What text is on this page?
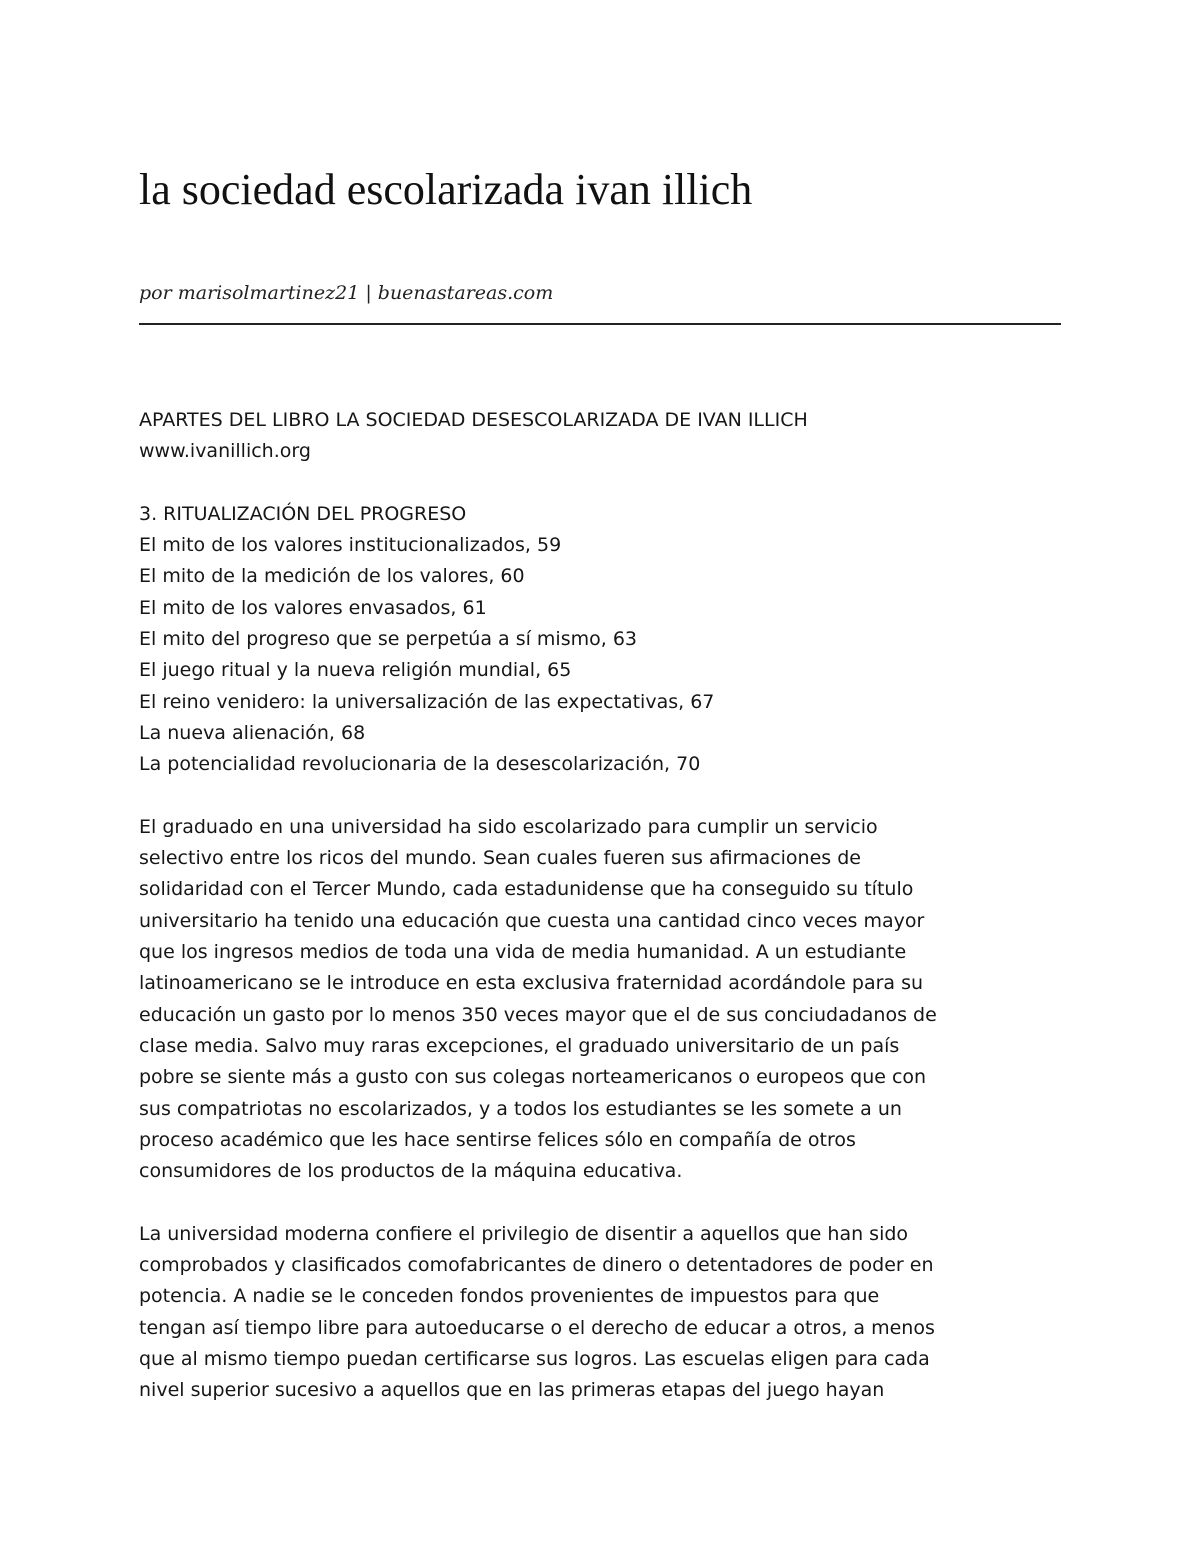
la sociedad escolarizada ivan illich
por marisolmartinez21 | buenastareas.com
APARTES DEL LIBRO LA SOCIEDAD DESESCOLARIZADA DE IVAN ILLICH
www.ivanillich.org
3. RITUALIZACIÓN DEL PROGRESO
El mito de los valores institucionalizados, 59
El mito de la medición de los valores, 60
El mito de los valores envasados, 61
El mito del progreso que se perpetúa a sí mismo, 63
El juego ritual y la nueva religión mundial, 65
El reino venidero: la universalización de las expectativas, 67
La nueva alienación, 68
La potencialidad revolucionaria de la desescolarización, 70
El graduado en una universidad ha sido escolarizado para cumplir un servicio
selectivo entre los ricos del mundo. Sean cuales fueren sus afirmaciones de
solidaridad con el Tercer Mundo, cada estadunidense que ha conseguido su título
universitario ha tenido una educación que cuesta una cantidad cinco veces mayor
que los ingresos medios de toda una vida de media humanidad. A un estudiante
latinoamericano se le introduce en esta exclusiva fraternidad acordándole para su
educación un gasto por lo menos 350 veces mayor que el de sus conciudadanos de
clase media. Salvo muy raras excepciones, el graduado universitario de un país
pobre se siente más a gusto con sus colegas norteamericanos o europeos que con
sus compatriotas no escolarizados, y a todos los estudiantes se les somete a un
proceso académico que les hace sentirse felices sólo en compañía de otros
consumidores de los productos de la máquina educativa.
La universidad moderna confiere el privilegio de disentir a aquellos que han sido
comprobados y clasificados comofabricantes de dinero o detentadores de poder en
potencia. A nadie se le conceden fondos provenientes de impuestos para que
tengan así tiempo libre para autoeducarse o el derecho de educar a otros, a menos
que al mismo tiempo puedan certificarse sus logros. Las escuelas eligen para cada
nivel superior sucesivo a aquellos que en las primeras etapas del juego hayan
